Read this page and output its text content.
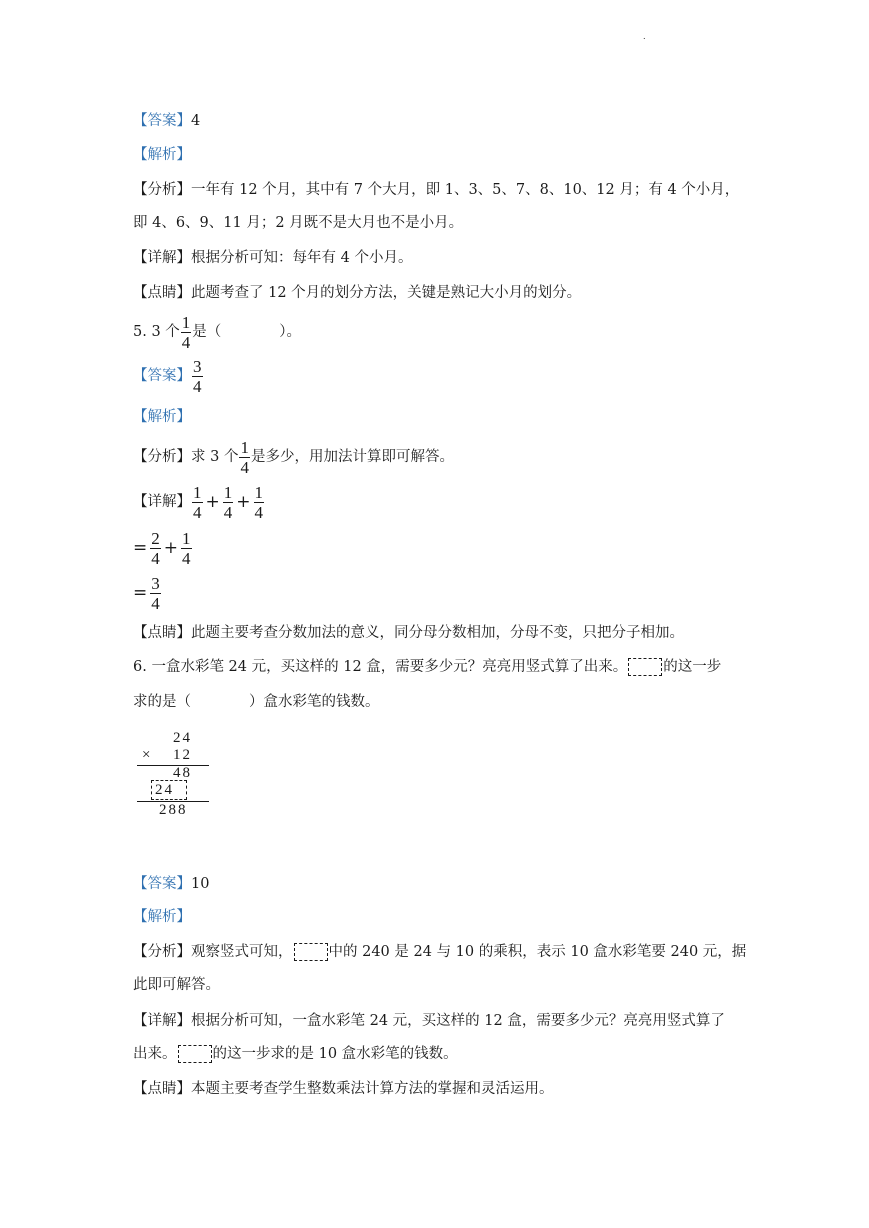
.
【答案】4
【解析】
【分析】一年有 12 个月，其中有 7 个大月，即 1、3、5、7、8、10、12 月；有 4 个小月，
即 4、6、9、11 月；2 月既不是大月也不是小月。
【详解】根据分析可知：每年有 4 个小月。
【点睛】此题考查了 12 个月的划分方法，关键是熟记大小月的划分。
5. 3 个 $\frac{1}{4}$ 是（　　　　）。
【答案】 $\frac{3}{4}$
【解析】
【分析】求 3 个 $\frac{1}{4}$ 是多少，用加法计算即可解答。
【详解】 $\frac{1}{4} + \frac{1}{4} + \frac{1}{4}$
= $\frac{2}{4} + \frac{1}{4}$
= $\frac{3}{4}$
【点睛】此题主要考查分数加法的意义，同分母分数相加，分母不变，只把分子相加。
6. 一盒水彩笔 24 元，买这样的 12 盒，需要多少元？亮亮用竖式算了出来。 的这一步
求的是（　　　　）盒水彩笔的钱数。
24
× 12
48
24
288
【答案】10
【解析】
【分析】观察竖式可知， 中的 240 是 24 与 10 的乘积，表示 10 盒水彩笔要 240 元，据
此即可解答。
【详解】根据分析可知，一盒水彩笔 24 元，买这样的 12 盒，需要多少元？亮亮用竖式算了
出来。 的这一步求的是 10 盒水彩笔的钱数。
【点睛】本题主要考查学生整数乘法计算方法的掌握和灵活运用。
